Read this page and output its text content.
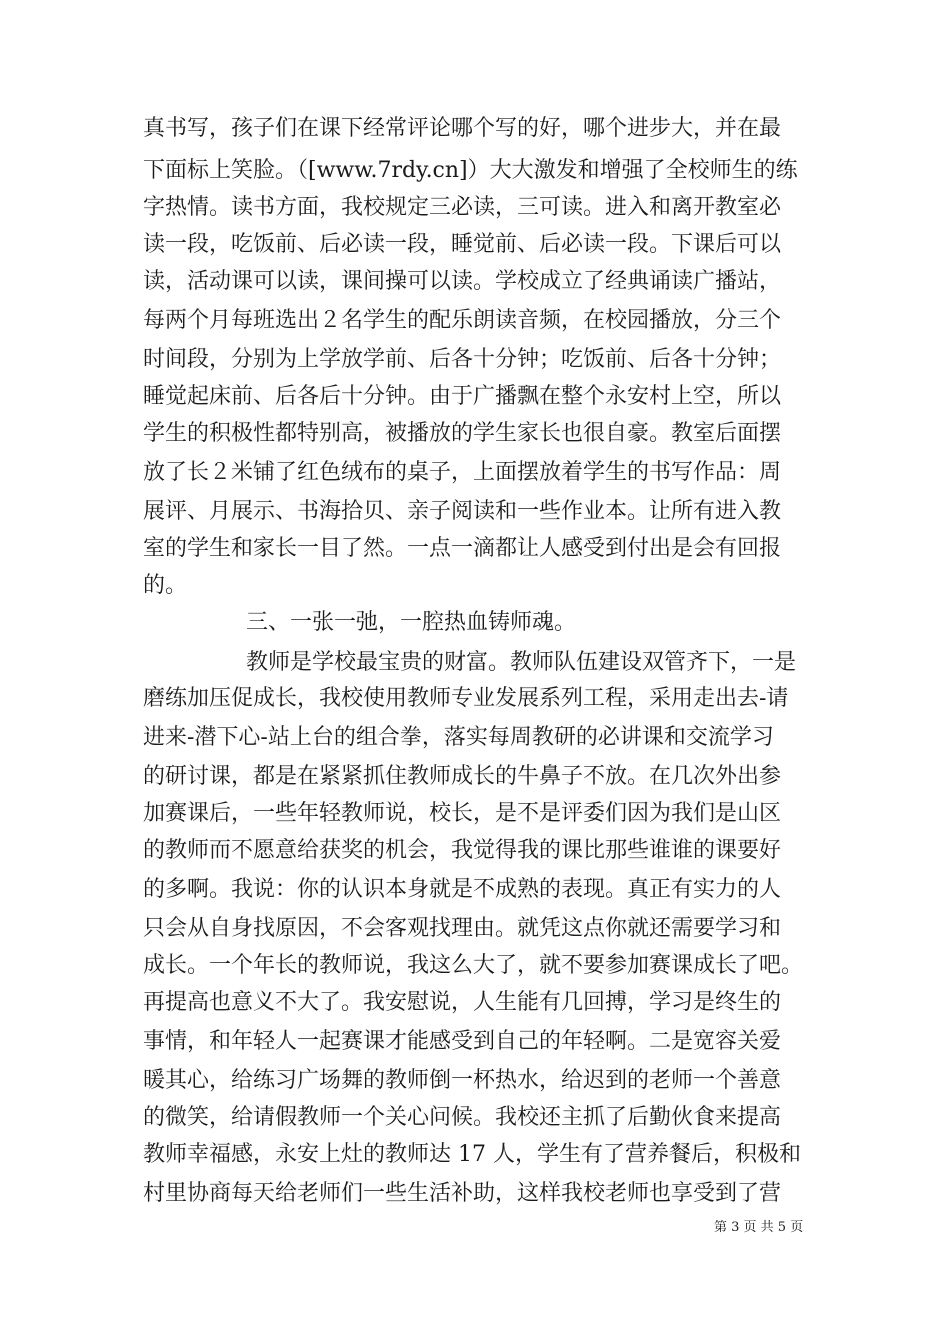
真书写，孩子们在课下经常评论哪个写的好，哪个进步大，并在最
下面标上笑脸。（[www.7rdy.cn]）大大激发和增强了全校师生的练
字热情。读书方面，我校规定三必读，三可读。进入和离开教室必
读一段，吃饭前、后必读一段，睡觉前、后必读一段。下课后可以
读，活动课可以读，课间操可以读。学校成立了经典诵读广播站，
每两个月每班选出２名学生的配乐朗读音频，在校园播放，分三个
时间段，分别为上学放学前、后各十分钟；吃饭前、后各十分钟；
睡觉起床前、后各后十分钟。由于广播飘在整个永安村上空，所以
学生的积极性都特别高，被播放的学生家长也很自豪。教室后面摆
放了长２米铺了红色绒布的桌子，上面摆放着学生的书写作品：周
展评、月展示、书海拾贝、亲子阅读和一些作业本。让所有进入教
室的学生和家长一目了然。一点一滴都让人感受到付出是会有回报
的。
三、一张一弛，一腔热血铸师魂。
教师是学校最宝贵的财富。教师队伍建设双管齐下，一是
磨练加压促成长，我校使用教师专业发展系列工程，采用走出去-请
进来-潜下心-站上台的组合拳，落实每周教研的必讲课和交流学习
的研讨课，都是在紧紧抓住教师成长的牛鼻子不放。在几次外出参
加赛课后，一些年轻教师说，校长，是不是评委们因为我们是山区
的教师而不愿意给获奖的机会，我觉得我的课比那些谁谁的课要好
的多啊。我说：你的认识本身就是不成熟的表现。真正有实力的人
只会从自身找原因，不会客观找理由。就凭这点你就还需要学习和
成长。一个年长的教师说，我这么大了，就不要参加赛课成长了吧。
再提高也意义不大了。我安慰说，人生能有几回搏，学习是终生的
事情，和年轻人一起赛课才能感受到自己的年轻啊。二是宽容关爱
暖其心，给练习广场舞的教师倒一杯热水，给迟到的老师一个善意
的微笑，给请假教师一个关心问候。我校还主抓了后勤伙食来提高
教师幸福感，永安上灶的教师达 17 人，学生有了营养餐后，积极和
村里协商每天给老师们一些生活补助，这样我校老师也享受到了营
第 3 页 共 5 页
